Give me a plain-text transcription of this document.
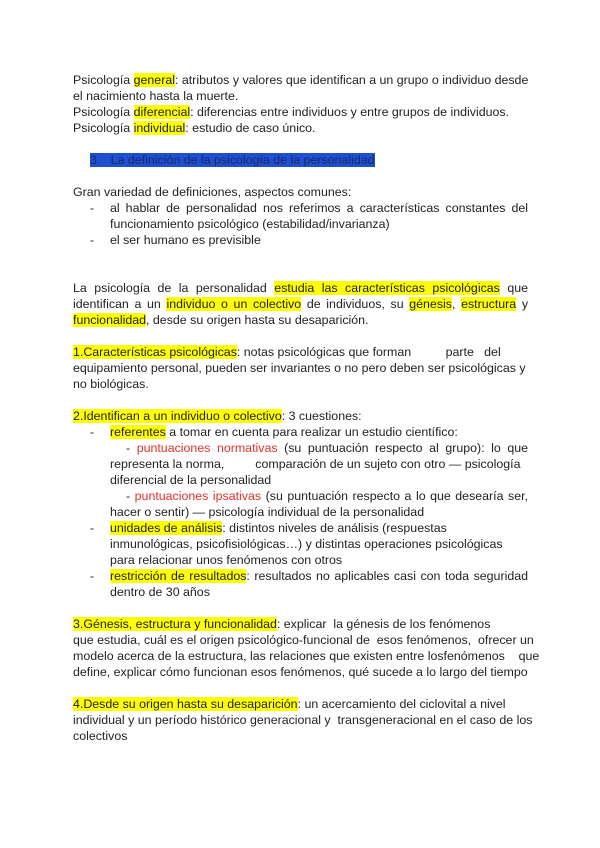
Psicología general: atributos y valores que identifican a un grupo o individuo desde
el nacimiento hasta la muerte.
Psicología diferencial: diferencias entre individuos y entre grupos de individuos.
Psicología individual: estudio de caso único.
3. La definición de la psicología de la personalidad
Gran variedad de definiciones, aspectos comunes:
- al hablar de personalidad nos referimos a características constantes del
funcionamiento psicológico (estabilidad/invarianza)
- el ser humano es previsible
La psicología de la personalidad estudia las características psicológicas que
identifican a un individuo o un colectivo de individuos, su génesis, estructura y
funcionalidad, desde su origen hasta su desaparición.
1.Características psicológicas: notas psicológicas que forman          parte   del
equipamiento personal, pueden ser invariantes o no pero deben ser psicológicas y
no biológicas.
2.Identifican a un individuo o colectivo: 3 cuestiones:
- referentes a tomar en cuenta para realizar un estudio científico:
- puntuaciones normativas (su puntuación respecto al grupo): lo que
representa la norma,         comparación de un sujeto con otro — psicología
diferencial de la personalidad
- puntuaciones ipsativas (su puntuación respecto a lo que desearía ser,
hacer o sentir) — psicología individual de la personalidad
- unidades de análisis: distintos niveles de análisis (respuestas
inmunológicas, psicofisiológicas…) y distintas operaciones psicológicas
para relacionar unos fenómenos con otros
- restricción de resultados: resultados no aplicables casi con toda seguridad
dentro de 30 años
3.Génesis, estructura y funcionalidad: explicar  la génesis de los fenómenos
que estudia, cuál es el origen psicológico-funcional de  esos fenómenos,  ofrecer un
modelo acerca de la estructura, las relaciones que existen entre losfenómenos    que
define, explicar cómo funcionan esos fenómenos, qué sucede a lo largo del tiempo
4.Desde su origen hasta su desaparición: un acercamiento del ciclovital a nivel
individual y un período histórico generacional y  transgeneracional en el caso de los
colectivos
